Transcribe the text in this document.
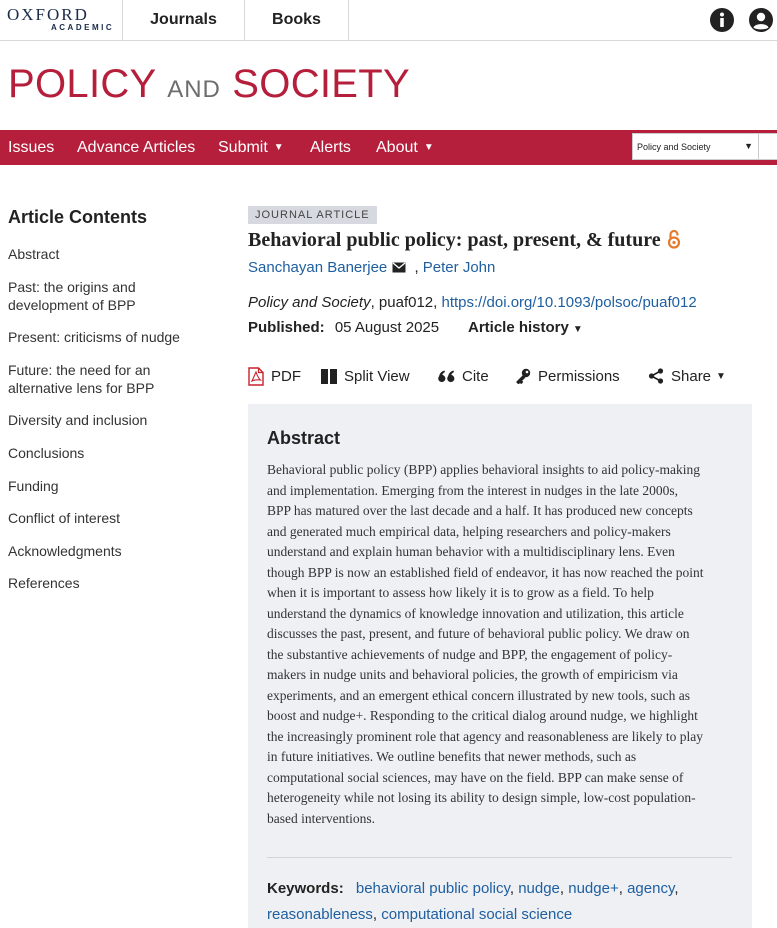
OXFORD
ACADEMIC	Journals	Books
POLICY AND SOCIETY
Issues Advance Articles Submit ▼ Alerts About ▼	Policy and Society	▼
Article Contents
Abstract
Past: the origins and development of BPP
Present: criticisms of nudge
Future: the need for an alternative lens for BPP
Diversity and inclusion
Conclusions
Funding
Conflict of interest
Acknowledgments
References
JOURNAL ARTICLE
Behavioral public policy: past, present, & future
Sanchayan Banerjee , Peter John
Policy and Society, puaf012, https://doi.org/10.1093/polsoc/puaf012
Published: 05 August 2025 Article history ▼
PDF	Split View	Cite	Permissions	Share ▼
Abstract
Behavioral public policy (BPP) applies behavioral insights to aid policy-making
and implementation. Emerging from the interest in nudges in the late 2000s,
BPP has matured over the last decade and a half. It has produced new concepts
and generated much empirical data, helping researchers and policy-makers
understand and explain human behavior with a multidisciplinary lens. Even
though BPP is now an established field of endeavor, it has now reached the point
when it is important to assess how likely it is to grow as a field. To help
understand the dynamics of knowledge innovation and utilization, this article
discusses the past, present, and future of behavioral public policy. We draw on
the substantive achievements of nudge and BPP, the engagement of policy-
makers in nudge units and behavioral policies, the growth of empiricism via
experiments, and an emergent ethical concern illustrated by new tools, such as
boost and nudge+. Responding to the critical dialog around nudge, we highlight
the increasingly prominent role that agency and reasonableness are likely to play
in future initiatives. We outline benefits that newer methods, such as
computational social sciences, may have on the field. BPP can make sense of
heterogeneity while not losing its ability to design simple, low-cost population-
based interventions.
Keywords: behavioral public policy, nudge, nudge+, agency,
reasonableness, computational social science
